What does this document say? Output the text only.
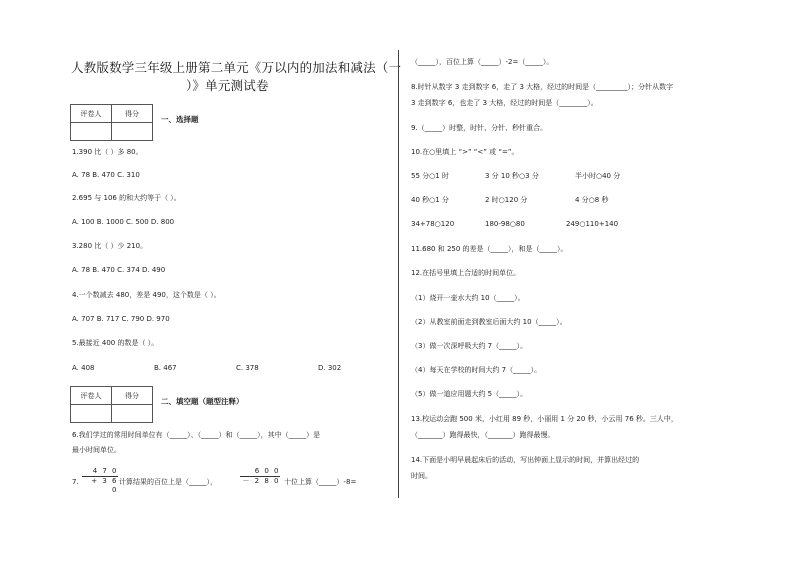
人教版数学三年级上册第二单元《万以内的加法和减法（一
）》单元测试卷
评卷人	得分

一、选择题
1.390 比（ ）多 80。
A. 78 B. 470 C. 310
2.695 与 106 的和大约等于（ ）。
A. 100 B. 1000 C. 500 D. 800
3.280 比（ ）少 210。
A. 78 B. 470 C. 374 D. 490
4.一个数减去 480，差是 490，这个数是（ ）。
A. 707 B. 717 C. 790 D. 970
5.最接近 400 的数是（ ）。
A. 408	B. 467	C. 378	D. 302
评卷人	得分

二、填空题（题型注释）
6.我们学过的常用时间单位有（_____）、（_____）和（_____），其中（_____）是
最小时间单位。
7. $\frac{4 7 0}{+ 3 6 0}$ 计算结果的百位上是（_____），	$\frac{6 0 0}{- 2 8 0}$ 十位上算（_____）-8=
（_____），百位上算（_____）-2=（_____）。
8.时针从数字 3 走到数字 6，走了 3 大格，经过的时间是（_________）；分针从数字
3 走到数字 6，也走了 3 大格，经过的时间是（________）。
9.（_____）时整，时针、分针、秒针重合。
10.在○里填上 “>” “<” 或 “=”。
55 分○1 时	3 分 10 秒○3 分	半小时○40 分
40 秒○1 分	2 时○120 分	4 分○8 秒
34+78○120	180-98○80	249○110+140
11.680 和 250 的差是（_____），和是（_____）。
12.在括号里填上合适的时间单位。
（1）烧开一壶水大约 10（_____）。
（2）从教室前面走到教室后面大约 10（_____）。
（3）做一次深呼吸大约 7（_____）。
（4）每天在学校的时间大约 7（_____）。
（5）做一道应用题大约 5（_____）。
13.校运动会跑 500 米，小红用 89 秒，小丽用 1 分 20 秒，小云用 76 秒。三人中，
（_______）跑得最快，（_______）跑得最慢。
14.下面是小明早晨起床后的活动，写出钟面上显示的时间，并算出经过的
时间。
